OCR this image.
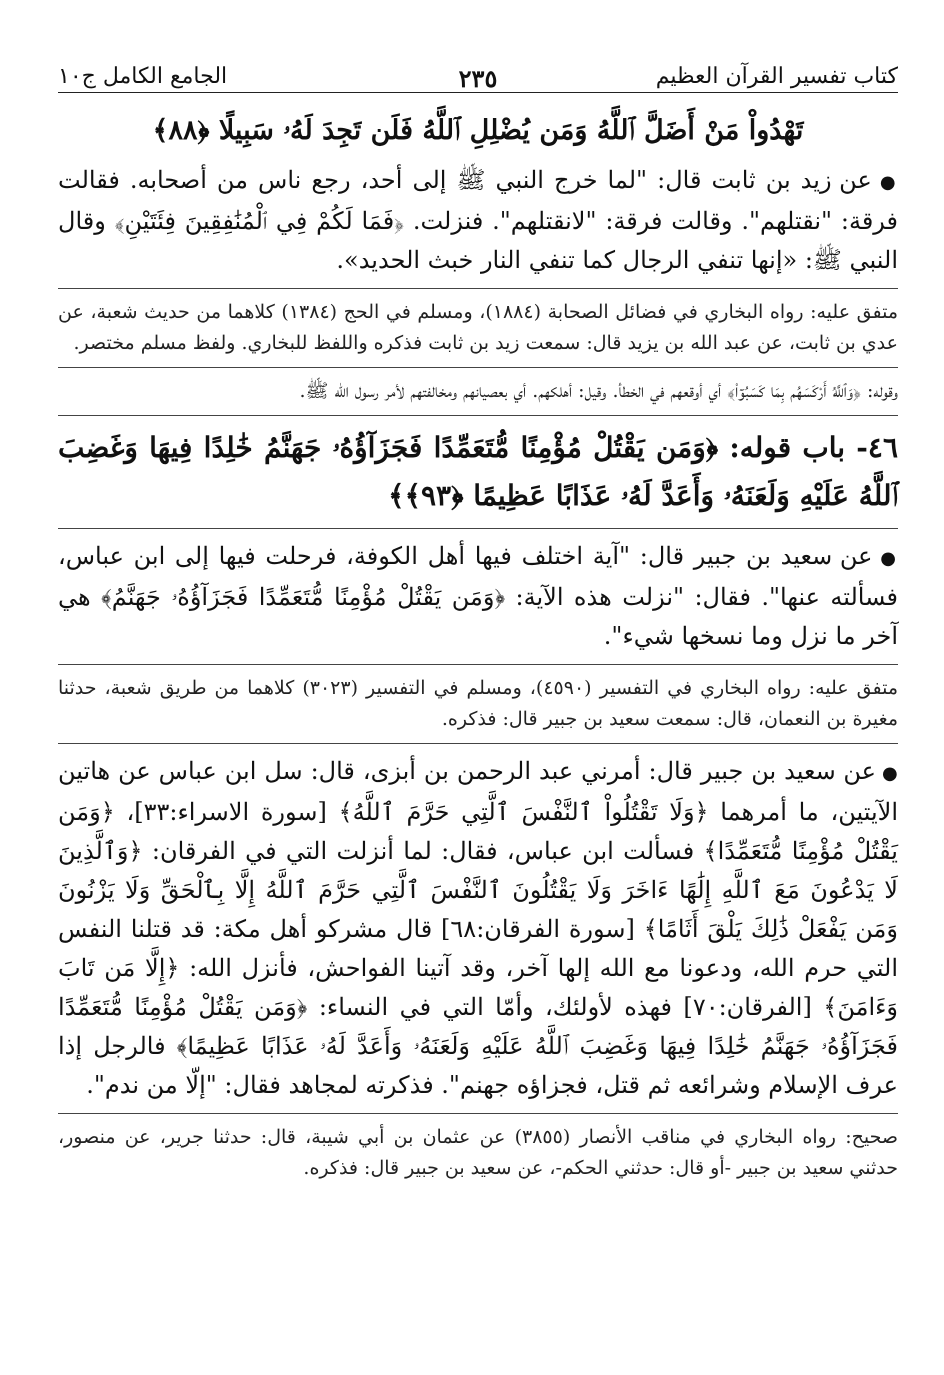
كتاب تفسير القرآن العظيم
٢٣٥
الجامع الكامل ج١٠

تَهْدُواْ مَنْ أَضَلَّ ٱللَّهُ وَمَن يُضْلِلِ ٱللَّهُ فَلَن تَجِدَ لَهُۥ سَبِيلًا ﴿٨٨﴾

● عن زيد بن ثابت قال: "لما خرج النبي ﷺ إلى أحد، رجع ناس من أصحابه. فقالت فرقة: "نقتلهم". وقالت فرقة: "لانقتلهم". فنزلت. ﴿فَمَا لَكُمْ فِي ٱلْمُنَٰفِقِينَ فِئَتَيْنِ﴾ وقال النبي ﷺ: «إنها تنفي الرجال كما تنفي النار خبث الحديد».

متفق عليه: رواه البخاري في فضائل الصحابة (١٨٨٤)، ومسلم في الحج (١٣٨٤) كلاهما من حديث شعبة، عن عدي بن ثابت، عن عبد الله بن يزيد قال: سمعت زيد بن ثابت فذكره واللفظ للبخاري. ولفظ مسلم مختصر.

وقوله: ﴿وَٱللَّهُ أَرْكَسَهُم بِمَا كَسَبُوٓاْ﴾ أي أوقعهم في الخطأ. وقيل: أهلكهم. أي بعصيانهم ومخالفتهم لأمر رسول الله ﷺ.

٤٦- باب قوله: ﴿وَمَن يَقْتُلْ مُؤْمِنًا مُّتَعَمِّدًا فَجَزَآؤُهُۥ جَهَنَّمُ خَٰلِدًا فِيهَا وَغَضِبَ ٱللَّهُ عَلَيْهِ وَلَعَنَهُۥ وَأَعَدَّ لَهُۥ عَذَابًا عَظِيمًا ﴿٩٣﴾﴾

● عن سعيد بن جبير قال: "آية اختلف فيها أهل الكوفة، فرحلت فيها إلى ابن عباس، فسألته عنها". فقال: "نزلت هذه الآية: ﴿وَمَن يَقْتُلْ مُؤْمِنًا مُّتَعَمِّدًا فَجَزَآؤُهُۥ جَهَنَّمُ﴾ هي آخر ما نزل وما نسخها شيء".

متفق عليه: رواه البخاري في التفسير (٤٥٩٠)، ومسلم في التفسير (٣٠٢٣) كلاهما من طريق شعبة، حدثنا مغيرة بن النعمان، قال: سمعت سعيد بن جبير قال: فذكره.

● عن سعيد بن جبير قال: أمرني عبد الرحمن بن أبزى، قال: سل ابن عباس عن هاتين الآيتين، ما أمرهما ﴿وَلَا تَقْتُلُواْ ٱلنَّفْسَ ٱلَّتِي حَرَّمَ ٱللَّهُ﴾ [سورة الاسراء:٣٣]، ﴿وَمَن يَقْتُلْ مُؤْمِنًا مُّتَعَمِّدًا﴾ فسألت ابن عباس، فقال: لما أنزلت التي في الفرقان: ﴿وَٱلَّذِينَ لَا يَدْعُونَ مَعَ ٱللَّهِ إِلَٰهًا ءَاخَرَ وَلَا يَقْتُلُونَ ٱلنَّفْسَ ٱلَّتِي حَرَّمَ ٱللَّهُ إِلَّا بِٱلْحَقِّ وَلَا يَزْنُونَ وَمَن يَفْعَلْ ذَٰلِكَ يَلْقَ أَثَامًا﴾ [سورة الفرقان:٦٨] قال مشركو أهل مكة: قد قتلنا النفس التي حرم الله، ودعونا مع الله إلها آخر، وقد آتينا الفواحش، فأنزل الله: ﴿إِلَّا مَن تَابَ وَءَامَنَ﴾ [الفرقان:٧٠] فهذه لأولئك، وأمّا التي في النساء: ﴿وَمَن يَقْتُلْ مُؤْمِنًا مُّتَعَمِّدًا فَجَزَآؤُهُۥ جَهَنَّمُ خَٰلِدًا فِيهَا وَغَضِبَ ٱللَّهُ عَلَيْهِ وَلَعَنَهُۥ وَأَعَدَّ لَهُۥ عَذَابًا عَظِيمًا﴾ فالرجل إذا عرف الإسلام وشرائعه ثم قتل، فجزاؤه جهنم". فذكرته لمجاهد فقال: "إلّا من ندم".

صحيح: رواه البخاري في مناقب الأنصار (٣٨٥٥) عن عثمان بن أبي شيبة، قال: حدثنا جرير، عن منصور، حدثني سعيد بن جبير -أو قال: حدثني الحكم-، عن سعيد بن جبير قال: فذكره.
